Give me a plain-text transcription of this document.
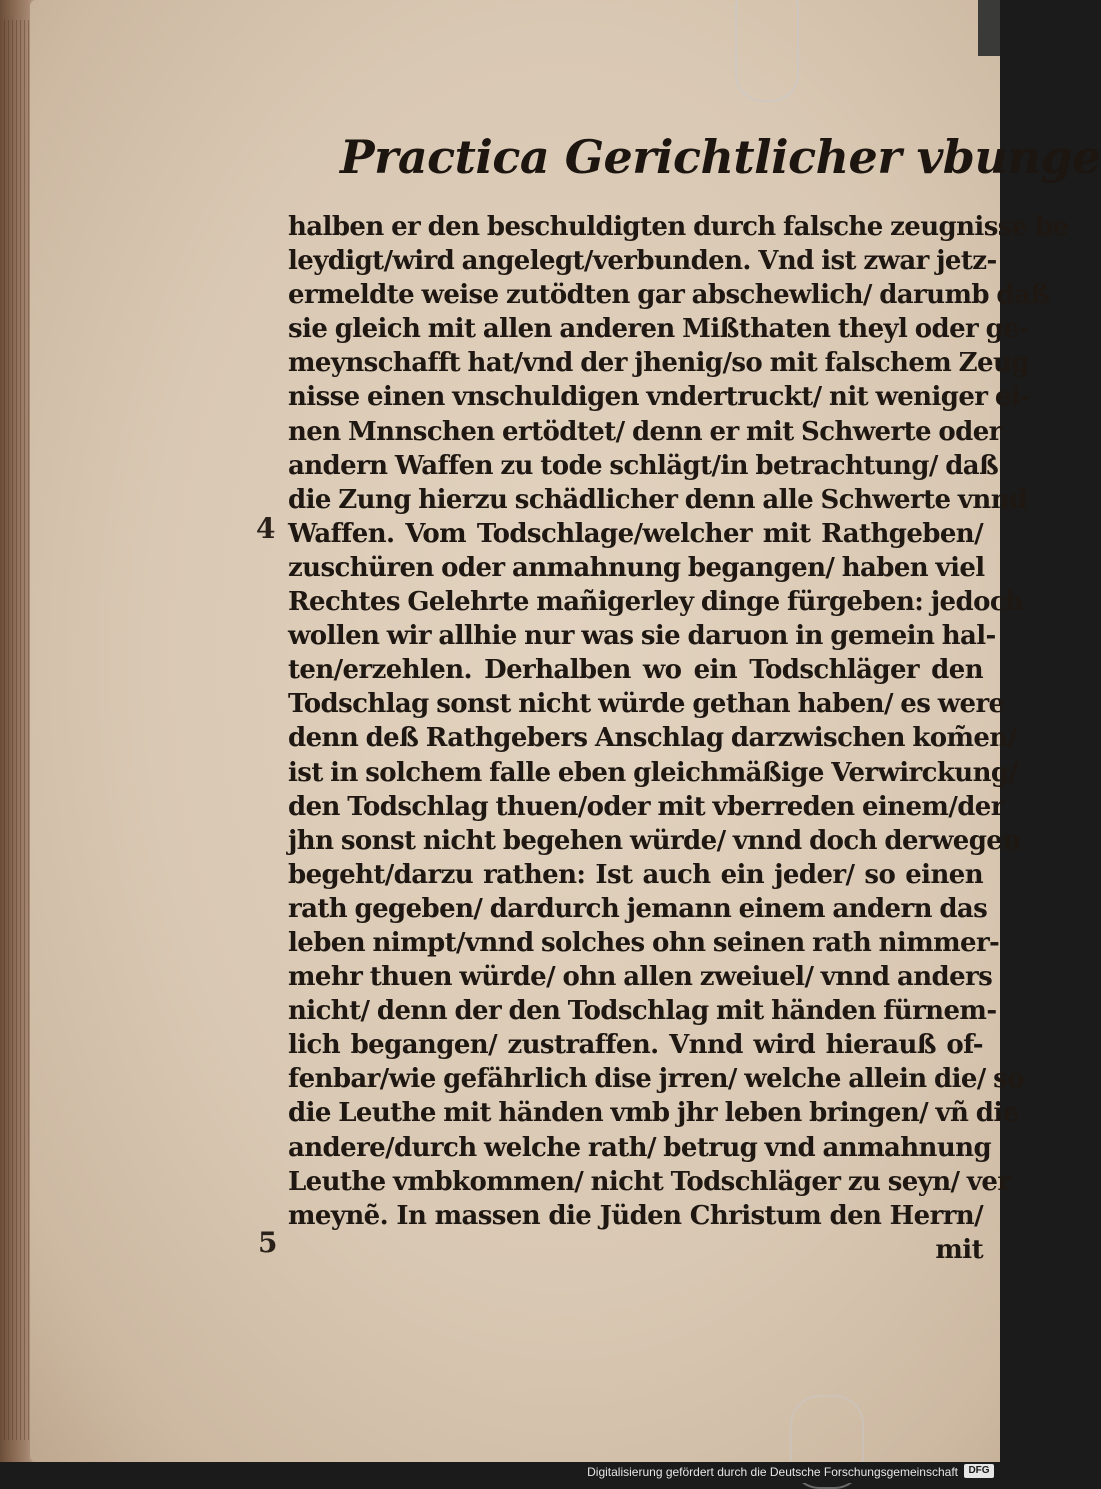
Practica Gerichtlicher vbunge
halben er den beschuldigten durch falsche zeugnisse be
leydigt/wird angelegt/verbunden. Vnd ist zwar jetz-
ermeldte weise zutödten gar abschewlich/ darumb daß
sie gleich mit allen anderen Mißthaten theyl oder ge-
meynschafft hat/vnd der jhenig/so mit falschem Zeug
nisse einen vnschuldigen vndertruckt/ nit weniger ei-
nen Mnnschen ertödtet/ denn er mit Schwerte oder
andern Waffen zu tode schlägt/in betrachtung/ daß
die Zung hierzu schädlicher denn alle Schwerte vnnd
Waffen. Vom Todschlage/welcher mit Rathgeben/
zuschüren oder anmahnung begangen/ haben viel
Rechtes Gelehrte mañigerley dinge fürgeben: jedoch
wollen wir allhie nur was sie daruon in gemein hal-
ten/erzehlen. Derhalben wo ein Todschläger den
Todschlag sonst nicht würde gethan haben/ es were
denn deß Rathgebers Anschlag darzwischen kom̃en/
ist in solchem falle eben gleichmäßige Verwirckung/
den Todschlag thuen/oder mit vberreden einem/der
jhn sonst nicht begehen würde/ vnnd doch derwegen
begeht/darzu rathen: Ist auch ein jeder/ so einen
rath gegeben/ dardurch jemann einem andern das
leben nimpt/vnnd solches ohn seinen rath nimmer-
mehr thuen würde/ ohn allen zweiuel/ vnnd anders
nicht/ denn der den Todschlag mit händen fürnem-
lich begangen/ zustraffen. Vnnd wird hierauß of-
fenbar/wie gefährlich dise jrren/ welche allein die/ so
die Leuthe mit händen vmb jhr leben bringen/ vñ die
andere/durch welche rath/ betrug vnd anmahnung
Leuthe vmbkommen/ nicht Todschläger zu seyn/ ver
meynẽ. In massen die Jüden Christum den Herrn/
mit
4
5
Digitalisierung gefördert durch die Deutsche Forschungsgemeinschaft	DFG
